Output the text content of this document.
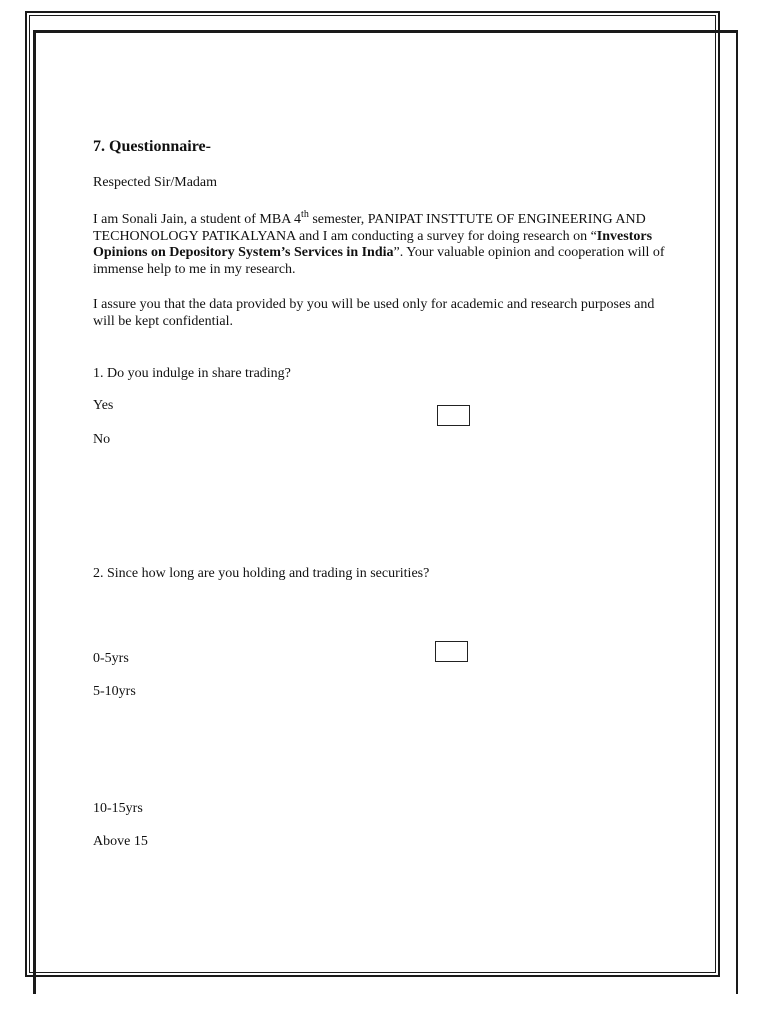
7. Questionnaire-
Respected Sir/Madam
I am Sonali Jain, a student of MBA 4th semester, PANIPAT INSTTUTE OF ENGINEERING AND TECHONOLOGY PATIKALYANA and I am conducting a survey for doing research on “Investors Opinions on Depository System’s Services in India”. Your valuable opinion and cooperation will of immense help to me in my research.
I assure you that the data provided by you will be used only for academic and research purposes and will be kept confidential.
1. Do you indulge in share trading?
Yes
No
2. Since how long are you holding and trading in securities?
0-5yrs
5-10yrs
10-15yrs
Above 15
